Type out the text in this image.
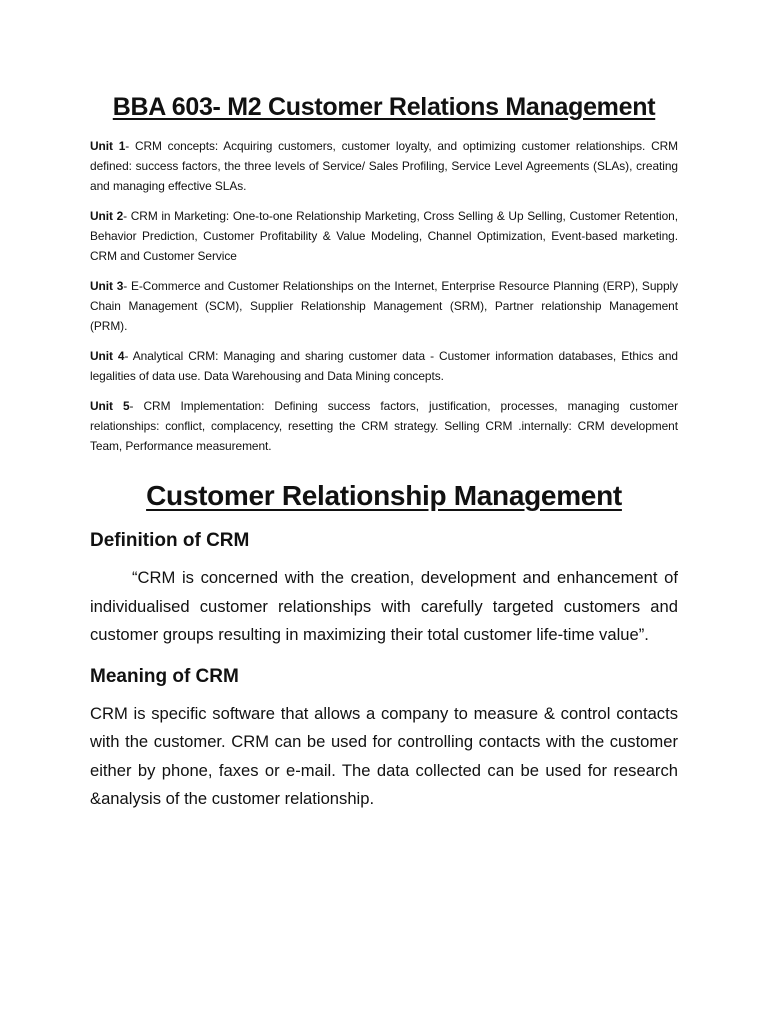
BBA 603- M2 Customer Relations Management

Unit 1- CRM concepts: Acquiring customers, customer loyalty, and optimizing customer relationships. CRM defined: success factors, the three levels of Service/ Sales Profiling, Service Level Agreements (SLAs), creating and managing effective SLAs.

Unit 2- CRM in Marketing: One-to-one Relationship Marketing, Cross Selling & Up Selling, Customer Retention, Behavior Prediction, Customer Profitability & Value Modeling, Channel Optimization, Event-based marketing. CRM and Customer Service

Unit 3- E-Commerce and Customer Relationships on the Internet, Enterprise Resource Planning (ERP), Supply Chain Management (SCM), Supplier Relationship Management (SRM), Partner relationship Management (PRM).

Unit 4- Analytical CRM: Managing and sharing customer data - Customer information databases, Ethics and legalities of data use. Data Warehousing and Data Mining concepts.

Unit 5- CRM Implementation: Defining success factors, justification, processes, managing customer relationships: conflict, complacency, resetting the CRM strategy. Selling CRM .internally: CRM development Team, Performance measurement.

Customer Relationship Management
Definition of CRM

“CRM is concerned with the creation, development and enhancement of individualised customer relationships with carefully targeted customers and customer groups resulting in maximizing their total customer life-time value”.

Meaning of CRM

CRM is specific software that allows a company to measure & control contacts with the customer. CRM can be used for controlling contacts with the customer either by phone, faxes or e-mail. The data collected can be used for research &analysis of the customer relationship.
